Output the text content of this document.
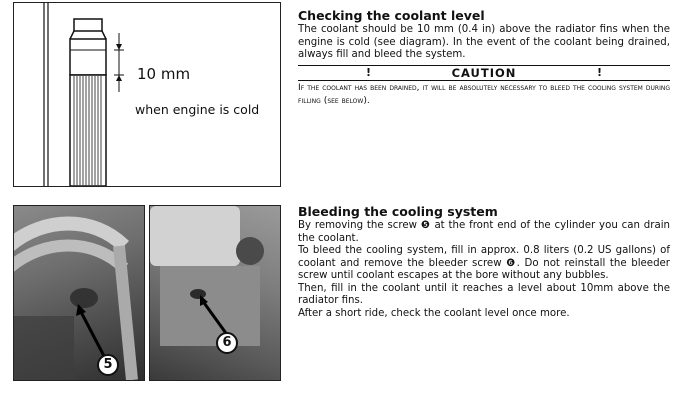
10 mm
when engine is cold
5
6
Checking the coolant level

The coolant should be 10 mm (0.4 in) above the radiator fins when the engine is cold (see diagram). In the event of the coolant being drained, always fill and bleed the system.

!	CAUTION	!
If the coolant has been drained, it will be absolutely necessary to bleed the cooling system during filling (see below).
Bleeding the cooling system

By removing the screw ❺ at the front end of the cylinder you can drain the coolant.

To bleed the cooling system, fill in approx. 0.8 liters (0.2 US gallons) of coolant and remove the bleeder screw ❻. Do not reinstall the bleeder screw until coolant escapes at the bore without any bubbles.

Then, fill in the coolant until it reaches a level about 10mm above the radiator fins.

After a short ride, check the coolant level once more.
